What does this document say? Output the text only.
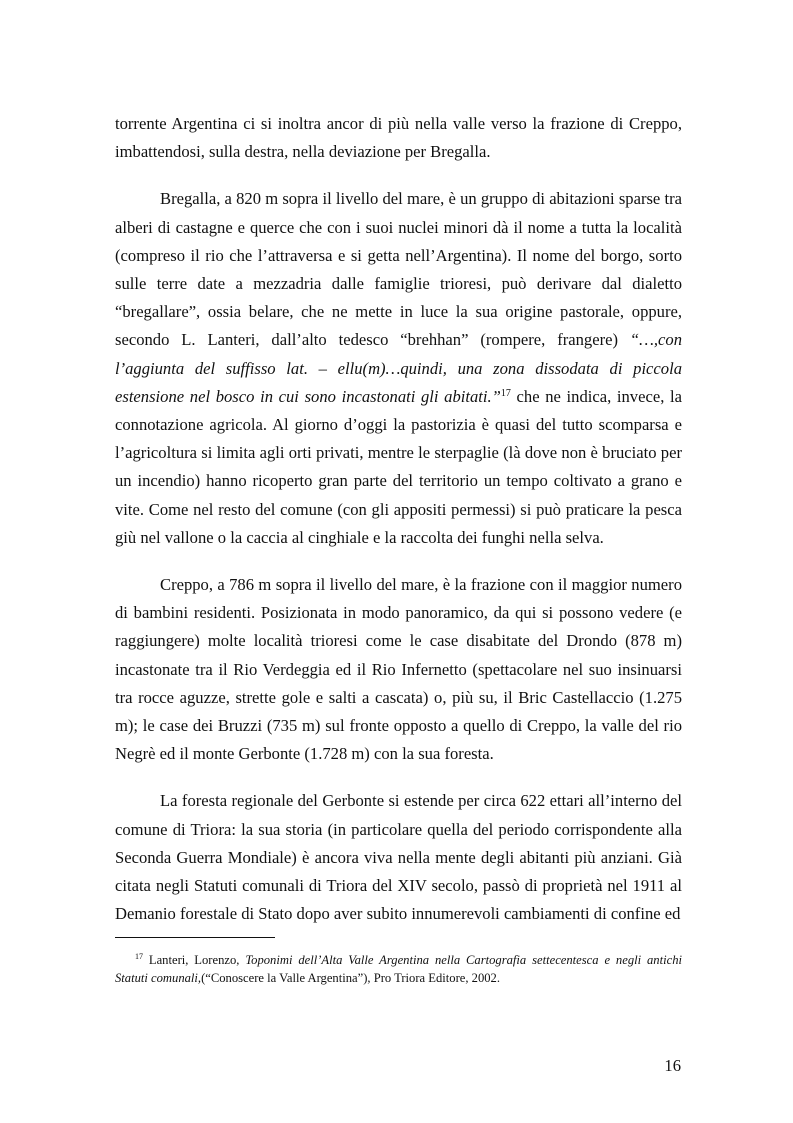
torrente Argentina ci si inoltra ancor di più nella valle verso la frazione di Creppo, imbattendosi, sulla destra, nella deviazione per Bregalla.

Bregalla, a 820 m sopra il livello del mare, è un gruppo di abitazioni sparse tra alberi di castagne e querce che con i suoi nuclei minori dà il nome a tutta la località (compreso il rio che l’attraversa e si getta nell’Argentina). Il nome del borgo, sorto sulle terre date a mezzadria dalle famiglie trioresi, può derivare dal dialetto “bregallare”, ossia belare, che ne mette in luce la sua origine pastorale, oppure, secondo L. Lanteri, dall’alto tedesco “brehhan” (rompere, frangere) “…,con l’aggiunta del suffisso lat. – ellu(m)…quindi, una zona dissodata di piccola estensione nel bosco in cui sono incastonati gli abitati.”$^{17}$ che ne indica, invece, la connotazione agricola. Al giorno d’oggi la pastorizia è quasi del tutto scomparsa e l’agricoltura si limita agli orti privati, mentre le sterpaglie (là dove non è bruciato per un incendio) hanno ricoperto gran parte del territorio un tempo coltivato a grano e vite. Come nel resto del comune (con gli appositi permessi) si può praticare la pesca giù nel vallone o la caccia al cinghiale e la raccolta dei funghi nella selva.

Creppo, a 786 m sopra il livello del mare, è la frazione con il maggior numero di bambini residenti. Posizionata in modo panoramico, da qui si possono vedere (e raggiungere) molte località trioresi come le case disabitate del Drondo (878 m) incastonate tra il Rio Verdeggia ed il Rio Infernetto (spettacolare nel suo insinuarsi tra rocce aguzze, strette gole e salti a cascata) o, più su, il Bric Castellaccio (1.275 m); le case dei Bruzzi (735 m) sul fronte opposto a quello di Creppo, la valle del rio Negrè ed il monte Gerbonte (1.728 m) con la sua foresta.

La foresta regionale del Gerbonte si estende per circa 622 ettari all’interno del comune di Triora: la sua storia (in particolare quella del periodo corrispondente alla Seconda Guerra Mondiale) è ancora viva nella mente degli abitanti più anziani. Già citata negli Statuti comunali di Triora del XIV secolo, passò di proprietà nel 1911 al Demanio forestale di Stato dopo aver subito innumerevoli cambiamenti di confine ed

$^{17}$ Lanteri, Lorenzo, Toponimi dell’Alta Valle Argentina nella Cartografia settecentesca e negli antichi Statuti comunali,(“Conoscere la Valle Argentina”), Pro Triora Editore, 2002.

16
